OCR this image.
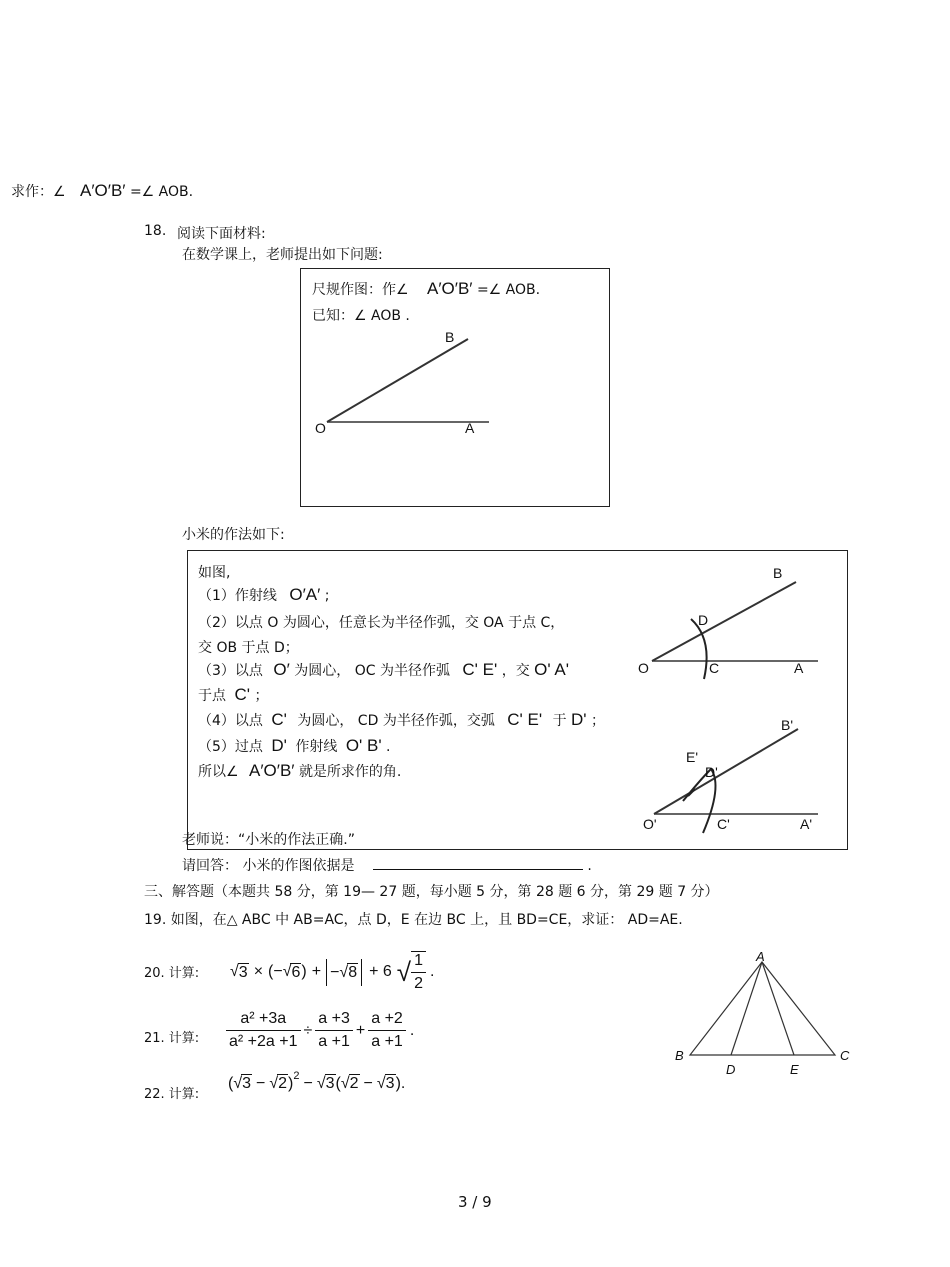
18. 阅读下面材料:
在数学课上，老师提出如下问题:
尺规作图：作∠ A′O′B′ =∠ AOB.
已知：∠ AOB .
B
O	A
求作：∠ A′O′B′ =∠ AOB.
小米的作法如下:
如图,
（1）作射线 O′A′ ;
（2）以点 O 为圆心，任意长为半径作弧，交 OA 于点 C，
交 OB 于点 D；
（3）以点 O′ 为圆心， OC 为半径作弧 C' E' ，交 O' A'
于点 C' ；
（4）以点 C' 为圆心， CD 为半径作弧，交弧 C' E' 于 D' ；
（5）过点 D' 作射线 O' B' .
所以∠ A′O′B′ 就是所求作的角.
B
D
O	C	A
B'
E'
D'
O'	C'	A'
老师说：“小米的作法正确.”
请回答： 小米的作图依据是	.
三、解答题（本题共 58 分，第 19— 27 题，每小题 5 分，第 28 题 6 分，第 29 题 7 分）
19. 如图，在△ ABC 中 AB=AC，点 D，E 在边 BC 上，且 BD=CE，求证： AD=AE.
A
B	C
D	E
20. 计算: √ 3 × ( − √ 6 ) + −√8 + 6 √ $\frac{1}{2}$ .
21. 计算: $\frac{\text{a² +3a}}{\text{a² +2a +1}} \div \frac{a +3}{a +1} + \frac{a +2}{a +1}$ .
22. 计算:
( √ 3 − √ 2 )$^2$ − √ 3 ( √ 2 − √ 3 ) .
3 / 9
